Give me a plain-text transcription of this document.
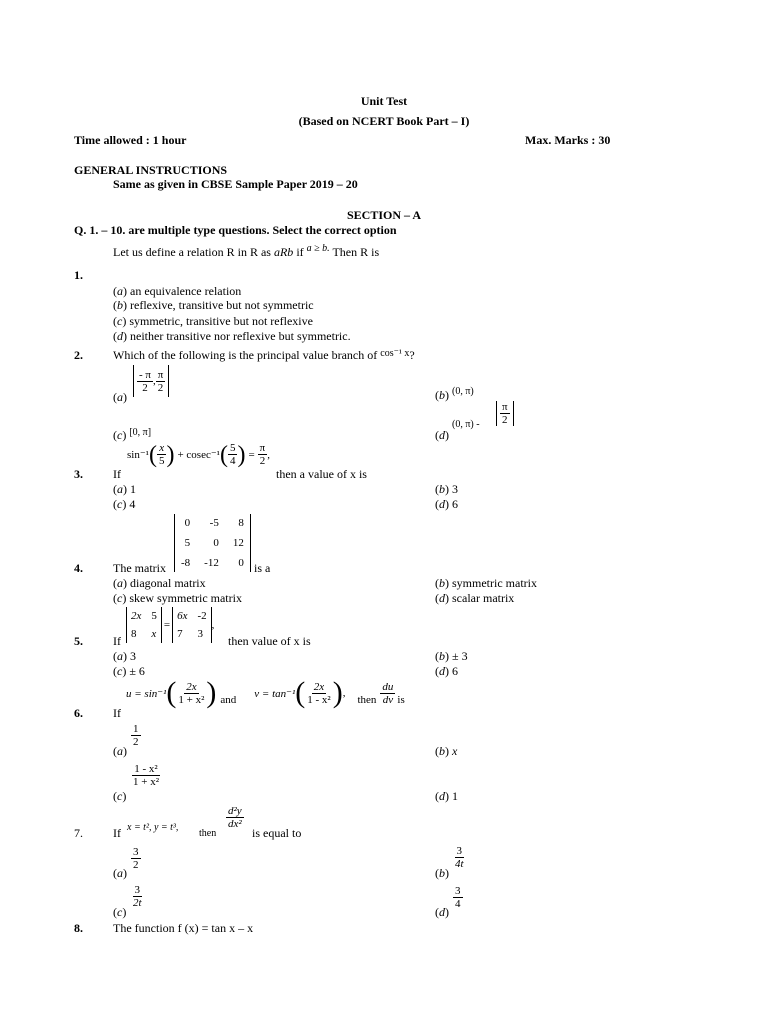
Unit Test
(Based on NCERT Book Part – I)
Time allowed : 1 hour	Max. Marks : 30
GENERAL INSTRUCTIONS
Same as given in CBSE Sample Paper 2019 – 20
SECTION – A
Q. 1. – 10. are multiple type questions. Select the correct option
Let us define a relation R in R as aRb if $^{a \ge b.}$ Then R is
1.
(a) an equivalence relation
(b) reflexive, transitive but not symmetric
(c) symmetric, transitive but not reflexive
(d) neither transitive nor reflexive but symmetric.
2.	Which of the following is the principal value branch of $^{cos^{-1} x}$?
(a)
$\frac{- \pi}{2}$ , $\frac{\pi}{2}$
(b) $^{(0, \pi)}$
(c) [0, π]	(d) $^{(0, \pi) -} \frac{\pi}{2}$
3.	If
sin⁻¹ ( $\frac{x}{5}$ ) + cosec⁻¹ ( $\frac{5}{4}$ ) = $\frac{\pi}{2}$ ,
then a value of x is
(a) 1	(b) 3
(c) 4	(d) 6
0	-5	8
5	0 12
-8 -12	0
4.	The matrix	is a
(a) diagonal matrix	(b) symmetric matrix
(c) skew symmetric matrix	(d) scalar matrix
2x 5
8	x
=
6x -2
7	3
,
5.	If	then value of x is
(a) 3	(b) ± 3
(c) ± 6	(d) 6
u = sin⁻¹ ( $\frac{2x}{\text{1 + x²}}$ ) and
v = tan⁻¹ ( $\frac{2x}{\text{1 - x²}}$ ) ,
then $\frac{du}{dv}$ is
6.	If
(a)
$\frac{1}{2}$
(b) x
(c)
$\frac{\text{1 - x²}}{\text{1 + x²}}$
(d) 1
7.	If x = t², y = t³,
then
$\frac{\text{d²y}}{\text{dx²}}$
is equal to
(a)
$\frac{3}{2}$
(b)
$\frac{3}{4t}$
(c)
$\frac{3}{2t}$
(d)
$\frac{3}{4}$
8.	The function f (x) = tan x – x
